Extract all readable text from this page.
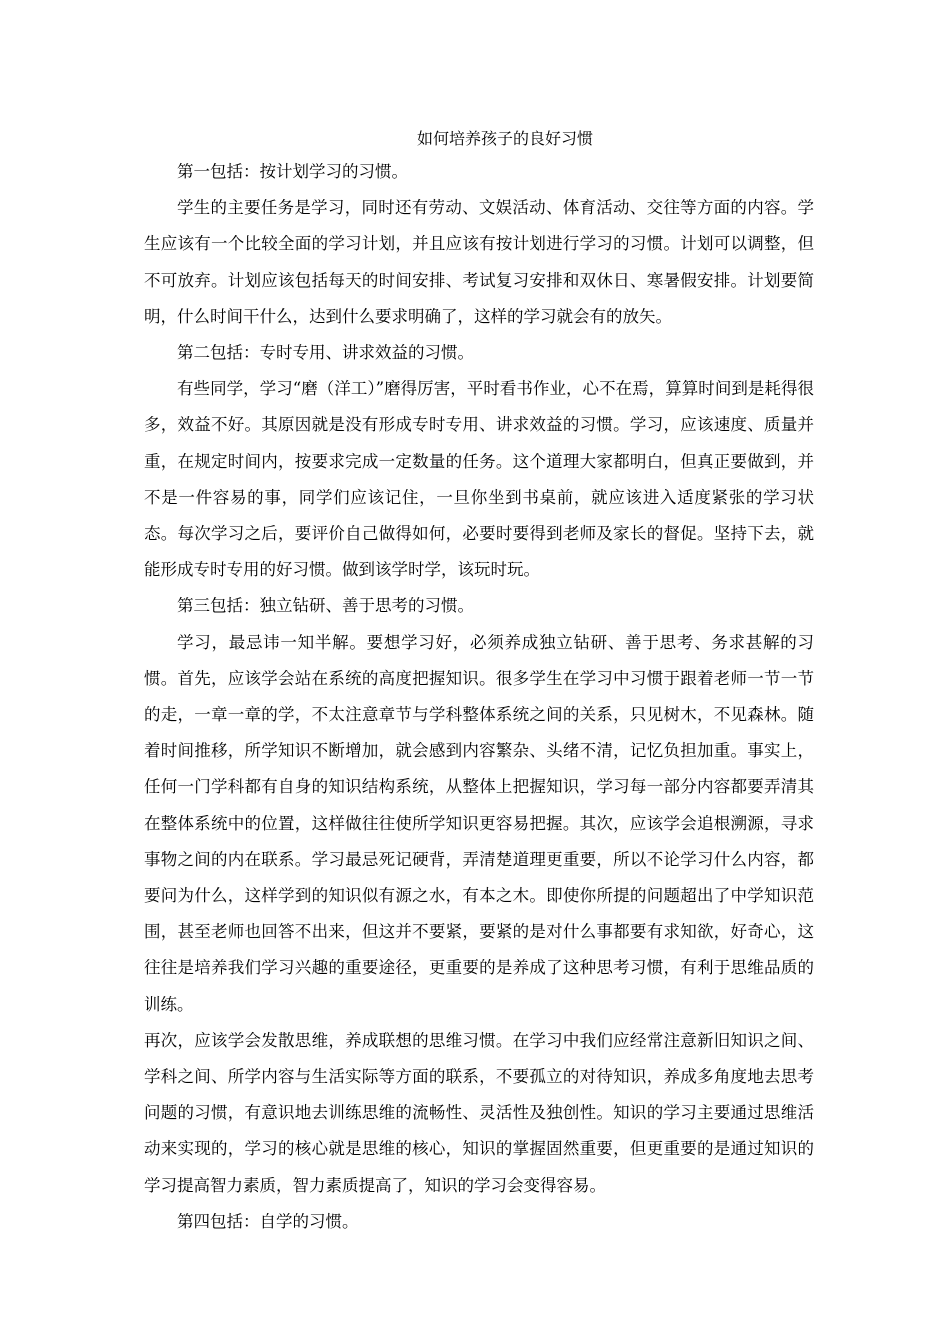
如何培养孩子的良好习惯

第一包括：按计划学习的习惯。

学生的主要任务是学习，同时还有劳动、文娱活动、体育活动、交往等方面的内容。学生应该有一个比较全面的学习计划，并且应该有按计划进行学习的习惯。计划可以调整，但不可放弃。计划应该包括每天的时间安排、考试复习安排和双休日、寒暑假安排。计划要简明，什么时间干什么，达到什么要求明确了，这样的学习就会有的放矢。

第二包括：专时专用、讲求效益的习惯。

有些同学，学习“磨（洋工）”磨得厉害，平时看书作业，心不在焉，算算时间到是耗得很多，效益不好。其原因就是没有形成专时专用、讲求效益的习惯。学习，应该速度、质量并重，在规定时间内，按要求完成一定数量的任务。这个道理大家都明白，但真正要做到，并不是一件容易的事，同学们应该记住，一旦你坐到书桌前，就应该进入适度紧张的学习状态。每次学习之后，要评价自己做得如何，必要时要得到老师及家长的督促。坚持下去，就能形成专时专用的好习惯。做到该学时学，该玩时玩。

第三包括：独立钻研、善于思考的习惯。

学习，最忌讳一知半解。要想学习好，必须养成独立钻研、善于思考、务求甚解的习惯。首先，应该学会站在系统的高度把握知识。很多学生在学习中习惯于跟着老师一节一节的走，一章一章的学，不太注意章节与学科整体系统之间的关系，只见树木，不见森林。随着时间推移，所学知识不断增加，就会感到内容繁杂、头绪不清，记忆负担加重。事实上，任何一门学科都有自身的知识结构系统，从整体上把握知识，学习每一部分内容都要弄清其在整体系统中的位置，这样做往往使所学知识更容易把握。其次，应该学会追根溯源，寻求事物之间的内在联系。学习最忌死记硬背，弄清楚道理更重要，所以不论学习什么内容，都要问为什么，这样学到的知识似有源之水，有本之木。即使你所提的问题超出了中学知识范围，甚至老师也回答不出来，但这并不要紧，要紧的是对什么事都要有求知欲，好奇心，这往往是培养我们学习兴趣的重要途径，更重要的是养成了这种思考习惯，有利于思维品质的训练。

再次，应该学会发散思维，养成联想的思维习惯。在学习中我们应经常注意新旧知识之间、学科之间、所学内容与生活实际等方面的联系，不要孤立的对待知识，养成多角度地去思考问题的习惯，有意识地去训练思维的流畅性、灵活性及独创性。知识的学习主要通过思维活动来实现的，学习的核心就是思维的核心，知识的掌握固然重要，但更重要的是通过知识的学习提高智力素质，智力素质提高了，知识的学习会变得容易。

第四包括：自学的习惯。
